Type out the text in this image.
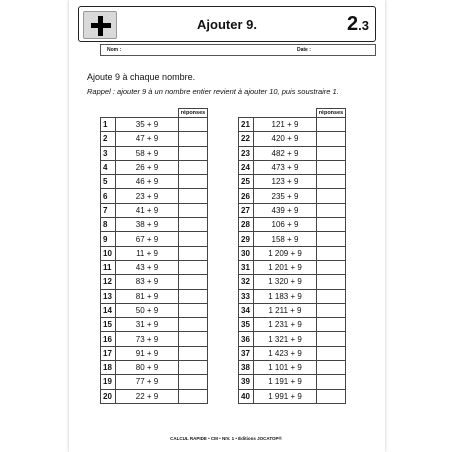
Ajouter 9.	2.3
Nom :	Date :
Ajoute 9 à chaque nombre.
Rappel : ajouter 9 à un nombre entier revient à ajouter 10, puis soustraire 1.
		réponses
1	35 + 9	
2	47 + 9	
3	58 + 9	
4	26 + 9	
5	46 + 9	
6	23 + 9	
7	41 + 9	
8	38 + 9	
9	67 + 9	
10	11 + 9	
11	43 + 9	
12	83 + 9	
13	81 + 9	
14	50 + 9	
15	31 + 9	
16	73 + 9	
17	91 + 9	
18	80 + 9	
19	77 + 9	
20	22 + 9	
		réponses
21	121 + 9	
22	420 + 9	
23	482 + 9	
24	473 + 9	
25	123 + 9	
26	235 + 9	
27	439 + 9	
28	106 + 9	
29	158 + 9	
30	1 209 + 9	
31	1 201 + 9	
32	1 320 + 9	
33	1 183 + 9	
34	1 211 + 9	
35	1 231 + 9	
36	1 321 + 9	
37	1 423 + 9	
38	1 101 + 9	
39	1 191 + 9	
40	1 991 + 9	
CALCUL RAPIDE • CM • NIV. 1 • Éditions JOCATOP®
